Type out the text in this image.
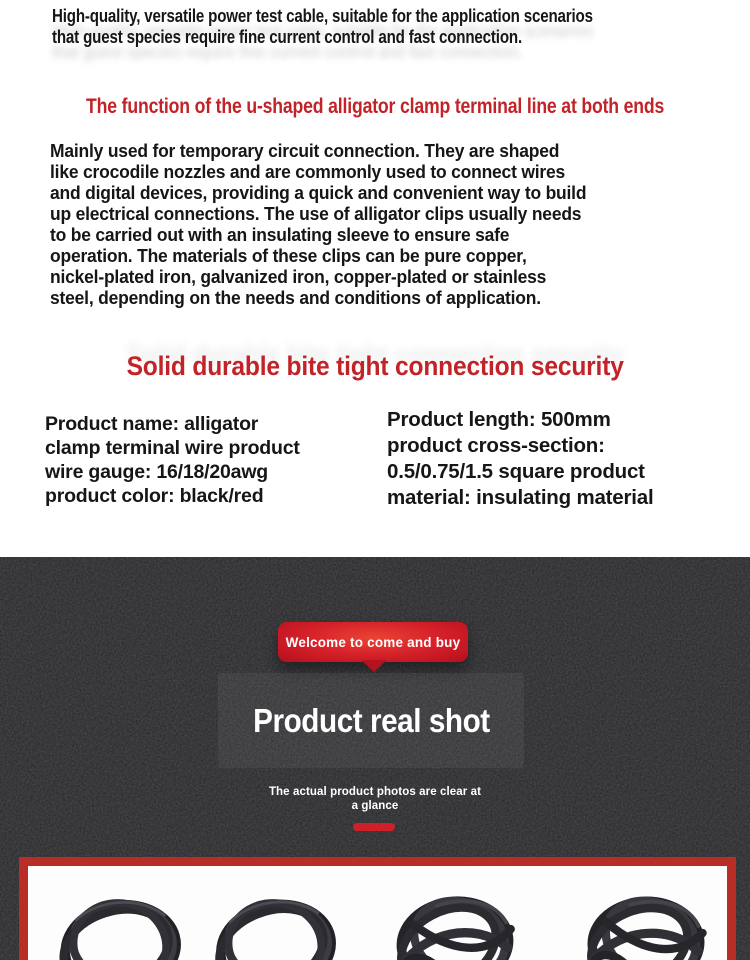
High-quality, versatile power test cable, suitable for the application scenarios
that guest species require fine current control and fast connection.
The function of the u-shaped alligator clamp terminal line at both ends
Mainly used for temporary circuit connection. They are shaped
like crocodile nozzles and are commonly used to connect wires
and digital devices, providing a quick and convenient way to build
up electrical connections. The use of alligator clips usually needs
to be carried out with an insulating sleeve to ensure safe
operation. The materials of these clips can be pure copper,
nickel-plated iron, galvanized iron, copper-plated or stainless
steel, depending on the needs and conditions of application.
Solid durable bite tight connection security
Product name: alligator
clamp terminal wire product
wire gauge: 16/18/20awg
product color: black/red
Product length: 500mm
product cross-section:
0.5/0.75/1.5 square product
material: insulating material
Welcome to come and buy
Product real shot
The actual product photos are clear at
a glance
